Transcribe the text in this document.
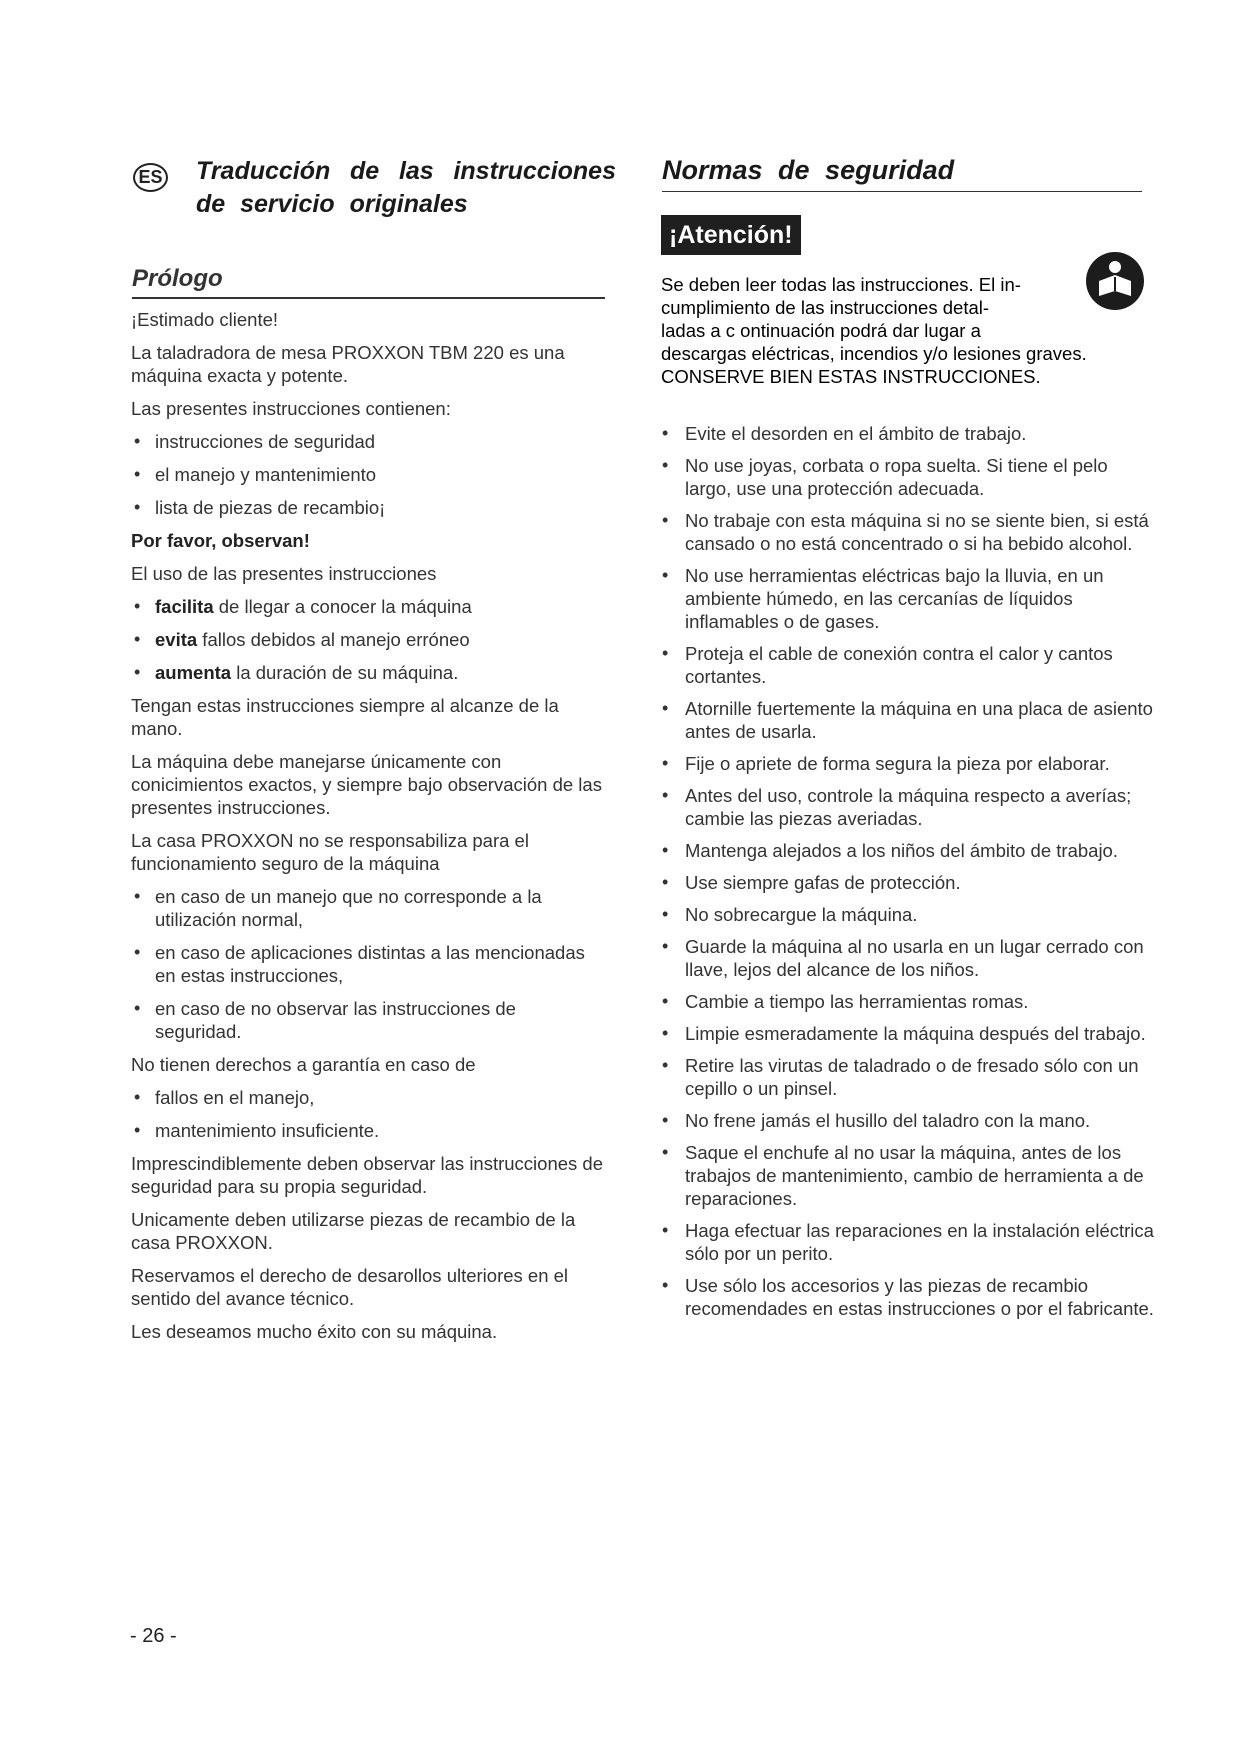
ES Traducción de las instrucciones de servicio originales
Prólogo

¡Estimado cliente!

La taladradora de mesa PROXXON TBM 220 es una máquina exacta y potente.

Las presentes instrucciones contienen:

• instrucciones de seguridad
• el manejo y mantenimiento
• lista de piezas de recambio¡

Por favor, observan!

El uso de las presentes instrucciones

• facilita de llegar a conocer la máquina
• evita fallos debidos al manejo erróneo
• aumenta la duración de su máquina.

Tengan estas instrucciones siempre al alcanze de la mano.

La máquina debe manejarse únicamente con conicimientos exactos, y siempre bajo observación de las presentes instrucciones.

La casa PROXXON no se responsabiliza para el funcionamiento seguro de la máquina

• en caso de un manejo que no corresponde a la utilización normal,
• en caso de aplicaciones distintas a las mencionadas en estas instrucciones,
• en caso de no observar las instrucciones de seguridad.

No tienen derechos a garantía en caso de

• fallos en el manejo,
• mantenimiento insuficiente.

Imprescindiblemente deben observar las instrucciones de seguridad para su propia seguridad.

Unicamente deben utilizarse piezas de recambio de la casa PROXXON.

Reservamos el derecho de desarollos ulteriores en el sentido del avance técnico.

Les deseamos mucho éxito con su máquina.

Normas de seguridad
¡Atención!
Se deben leer todas las instrucciones. El in-
cumplimiento de las instrucciones detal-
ladas a c ontinuación podrá dar lugar a
descargas eléctricas, incendios y/o lesiones graves.
CONSERVE BIEN ESTAS INSTRUCCIONES.
• Evite el desorden en el ámbito de trabajo.
• No use joyas, corbata o ropa suelta. Si tiene el pelo largo, use una protección adecuada.
• No trabaje con esta máquina si no se siente bien, si está cansado o no está concentrado o si ha bebido alcohol.
• No use herramientas eléctricas bajo la lluvia, en un ambiente húmedo, en las cercanías de líquidos inflamables o de gases.
• Proteja el cable de conexión contra el calor y cantos cortantes.
• Atornille fuertemente la máquina en una placa de asiento antes de usarla.
• Fije o apriete de forma segura la pieza por elaborar.
• Antes del uso, controle la máquina respecto a averías; cambie las piezas averiadas.
• Mantenga alejados a los niños del ámbito de trabajo.
• Use siempre gafas de protección.
• No sobrecargue la máquina.
• Guarde la máquina al no usarla en un lugar cerrado con llave, lejos del alcance de los niños.
• Cambie a tiempo las herramientas romas.
• Limpie esmeradamente la máquina después del trabajo.
• Retire las virutas de taladrado o de fresado sólo con un cepillo o un pinsel.
• No frene jamás el husillo del taladro con la mano.
• Saque el enchufe al no usar la máquina, antes de los trabajos de mantenimiento, cambio de herramienta a de reparaciones.
• Haga efectuar las reparaciones en la instalación eléctrica sólo por un perito.
• Use sólo los accesorios y las piezas de recambio recomendades en estas instrucciones o por el fabricante.
- 26 -
